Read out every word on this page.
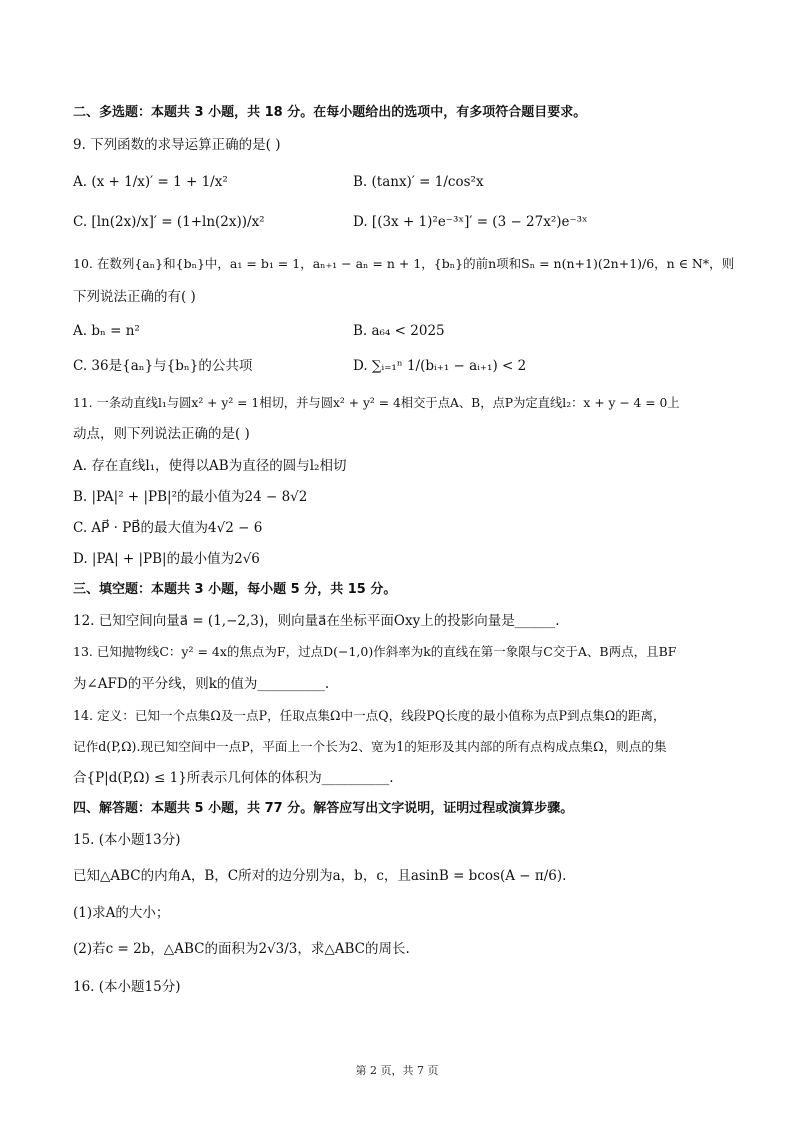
二、多选题：本题共 3 小题，共 18 分。在每小题给出的选项中，有多项符合题目要求。
9. 下列函数的求导运算正确的是( )
A. (x + 1/x)′ = 1 + 1/x²	B. (tanx)′ = 1/cos²x
C. [ln(2x)/x]′ = (1+ln(2x))/x²	D. [(3x + 1)²e⁻³ˣ]′ = (3 − 27x²)e⁻³ˣ
10. 在数列{aₙ}和{bₙ}中，a₁ = b₁ = 1，aₙ₊₁ − aₙ = n + 1，{bₙ}的前n项和Sₙ = n(n+1)(2n+1)/6，n ∈ N*，则
下列说法正确的有( )
A. bₙ = n²	B. a₆₄ < 2025
C. 36是{aₙ}与{bₙ}的公共项	D. ∑ᵢ₌₁ⁿ 1/(bᵢ₊₁ − aᵢ₊₁) < 2
11. 一条动直线l₁与圆x² + y² = 1相切，并与圆x² + y² = 4相交于点A、B，点P为定直线l₂：x + y − 4 = 0上
动点，则下列说法正确的是( )
A. 存在直线l₁，使得以AB为直径的圆与l₂相切
B. |PA|² + |PB|²的最小值为24 − 8√2
C. AP⃗ · PB⃗的最大值为4√2 − 6
D. |PA| + |PB|的最小值为2√6
三、填空题：本题共 3 小题，每小题 5 分，共 15 分。
12. 已知空间向量a⃗ = (1,−2,3)，则向量a⃗在坐标平面Oxy上的投影向量是______.
13. 已知抛物线C：y² = 4x的焦点为F，过点D(−1,0)作斜率为k的直线在第一象限与C交于A、B两点，且BF
为∠AFD的平分线，则k的值为__________.
14. 定义：已知一个点集Ω及一点P，任取点集Ω中一点Q，线段PQ长度的最小值称为点P到点集Ω的距离，
记作d(P,Ω).现已知空间中一点P，平面上一个长为2、宽为1的矩形及其内部的所有点构成点集Ω，则点的集
合{P|d(P,Ω) ≤ 1}所表示几何体的体积为__________.
四、解答题：本题共 5 小题，共 77 分。解答应写出文字说明，证明过程或演算步骤。
15. (本小题13分)
已知△ABC的内角A，B，C所对的边分别为a，b，c，且asinB = bcos(A − π/6).
(1)求A的大小；
(2)若c = 2b，△ABC的面积为2√3/3，求△ABC的周长.
16. (本小题15分)
第 2 页，共 7 页
